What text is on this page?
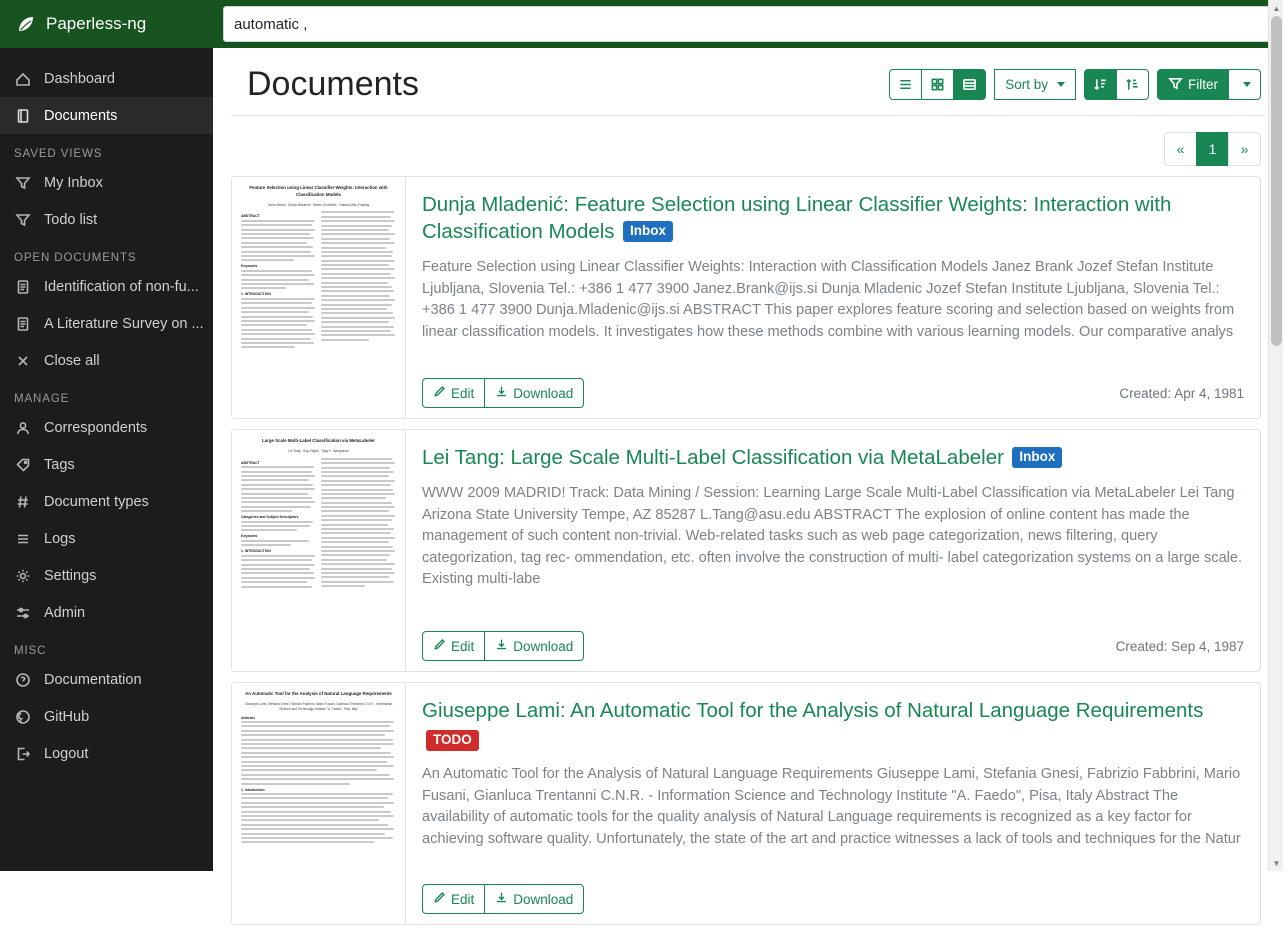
Paperless-ng
automatic ,
Dashboard
Documents
SAVED VIEWS
My Inbox
Todo list
OPEN DOCUMENTS
Identification of non-fu...
A Literature Survey on ...
Close all
MANAGE
Correspondents
Tags
Document types
Logs
Settings
Admin
MISC
Documentation
GitHub
Logout
Documents	Sort by	Filter
«	1	»
Feature Selection using Linear Classifier Weights: Interaction with Classification Models
Janez Brank · Dunja Mladenić · Marko Grobelnik · Natasa Milic-Frayling
ABSTRACT
Keywords
1. INTRODUCTION
Dunja Mladenić: Feature Selection using Linear Classifier Weights: Interaction with Classification Models Inbox
Feature Selection using Linear Classifier Weights: Interaction with Classification Models Janez Brank Jozef Stefan Institute Ljubljana, Slovenia Tel.: +386 1 477 3900 Janez.Brank@ijs.si Dunja Mladenic Jozef Stefan Institute Ljubljana, Slovenia Tel.: +386 1 477 3900 Dunja.Mladenic@ijs.si ABSTRACT This paper explores feature scoring and selection based on weights from linear classification models. It investigates how these methods combine with various learning models. Our comparative analys
Edit	Download	Created: Apr 4, 1981
Large Scale Multi-Label Classification via MetaLabeler
Lei Tang · Suju Rajan · Vijay K. Narayanan
ABSTRACT
Categories and Subject Descriptors
Keywords
1. INTRODUCTION
Lei Tang: Large Scale Multi-Label Classification via MetaLabeler Inbox
WWW 2009 MADRID! Track: Data Mining / Session: Learning Large Scale Multi-Label Classification via MetaLabeler Lei Tang Arizona State University Tempe, AZ 85287 L.Tang@asu.edu ABSTRACT The explosion of online content has made the management of such content non-trivial. Web-related tasks such as web page categorization, news filtering, query categorization, tag rec- ommendation, etc. often involve the construction of multi- label categorization systems on a large scale. Existing multi-labe
Edit	Download	Created: Sep 4, 1987
An Automatic Tool for the Analysis of Natural Language Requirements
Giuseppe Lami, Stefania Gnesi, Fabrizio Fabbrini, Mario Fusani, Gianluca Trentanni C.N.R. - Information Science and Technology Institute "A. Faedo", Pisa, Italy
Abstract
1. Introduction
Giuseppe Lami: An Automatic Tool for the Analysis of Natural Language Requirements TODO
An Automatic Tool for the Analysis of Natural Language Requirements Giuseppe Lami, Stefania Gnesi, Fabrizio Fabbrini, Mario Fusani, Gianluca Trentanni C.N.R. - Information Science and Technology Institute "A. Faedo", Pisa, Italy Abstract The availability of automatic tools for the quality analysis of Natural Language requirements is recognized as a key factor for achieving software quality. Unfortunately, the state of the art and practice witnesses a lack of tools and techniques for the Natur
Edit	Download
▲
▼
